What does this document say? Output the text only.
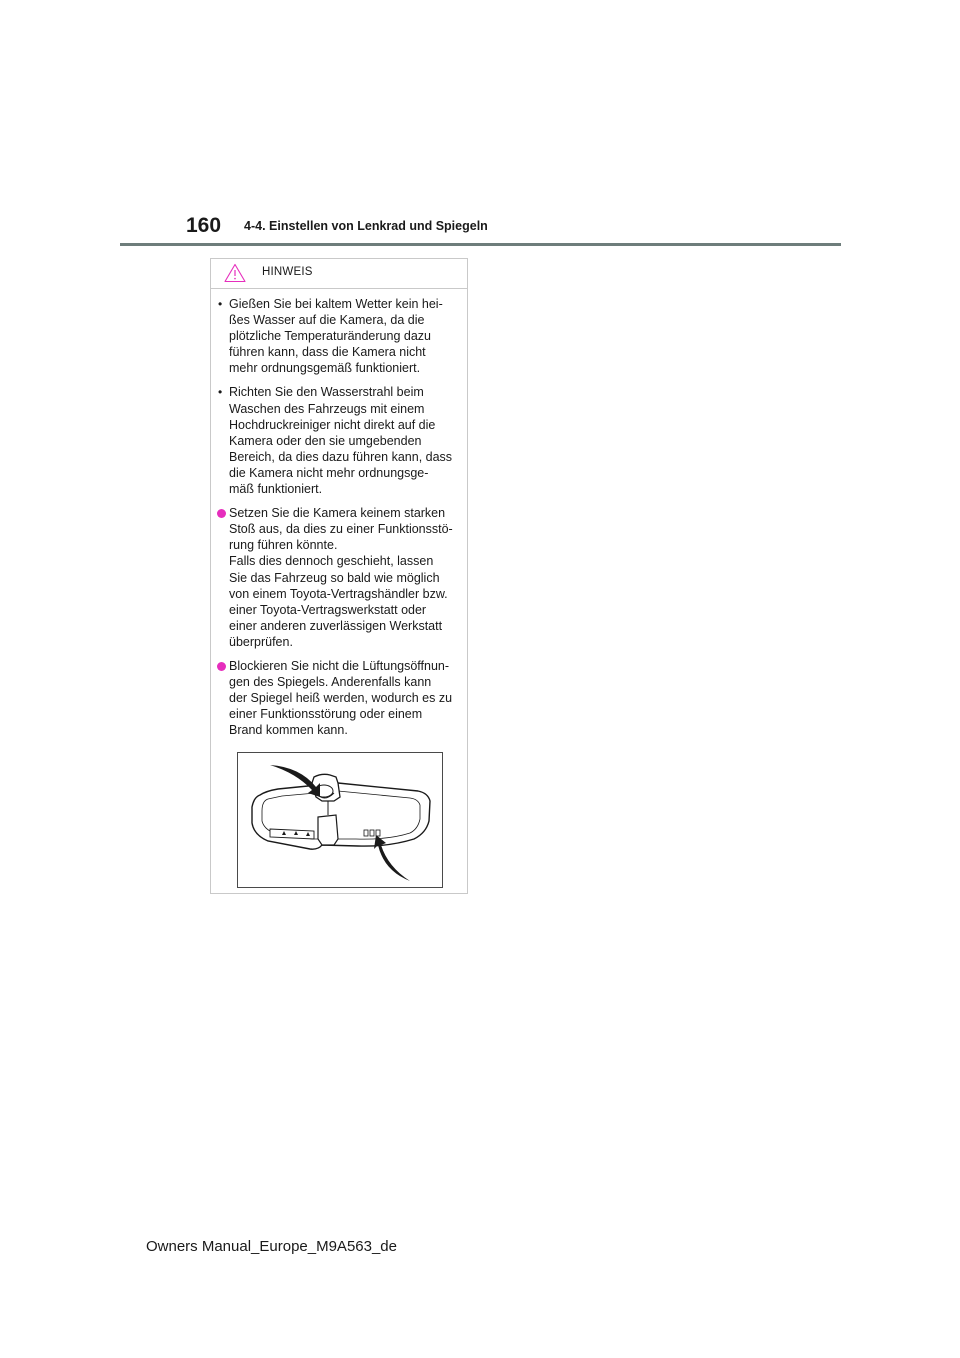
160 4-4. Einstellen von Lenkrad und Spiegeln
HINWEIS
• Gießen Sie bei kaltem Wetter kein hei-
ßes Wasser auf die Kamera, da die
plötzliche Temperaturänderung dazu
führen kann, dass die Kamera nicht
mehr ordnungsgemäß funktioniert.
• Richten Sie den Wasserstrahl beim
Waschen des Fahrzeugs mit einem
Hochdruckreiniger nicht direkt auf die
Kamera oder den sie umgebenden
Bereich, da dies dazu führen kann, dass
die Kamera nicht mehr ordnungsge-
mäß funktioniert.
Setzen Sie die Kamera keinem starken
Stoß aus, da dies zu einer Funktionsstö-
rung führen könnte.
Falls dies dennoch geschieht, lassen
Sie das Fahrzeug so bald wie möglich
von einem Toyota-Vertragshändler bzw.
einer Toyota-Vertragswerkstatt oder
einer anderen zuverlässigen Werkstatt
überprüfen.
Blockieren Sie nicht die Lüftungsöffnun-
gen des Spiegels. Anderenfalls kann
der Spiegel heiß werden, wodurch es zu
einer Funktionsstörung oder einem
Brand kommen kann.
Owners Manual_Europe_M9A563_de
